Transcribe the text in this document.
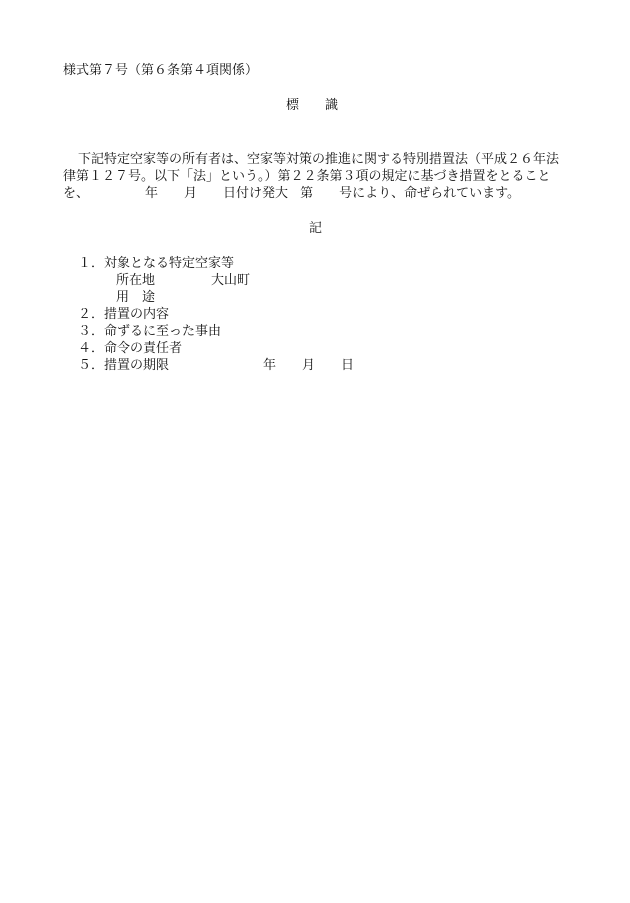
様式第７号（第６条第４項関係）
標 識
下記特定空家等の所有者は、空家等対策の推進に関する特別措置法（平成２６年法
律第１２７号。以下「法」という。）第２２条第３項の規定に基づき措置をとること
を、	年 月 日付け発大 第 号により、命ぜられています。
記
１．対象となる特定空家等
所在地	大山町
用 途
２．措置の内容
３．命ずるに至った事由
４．命令の責任者
５．措置の期限	年 月 日
